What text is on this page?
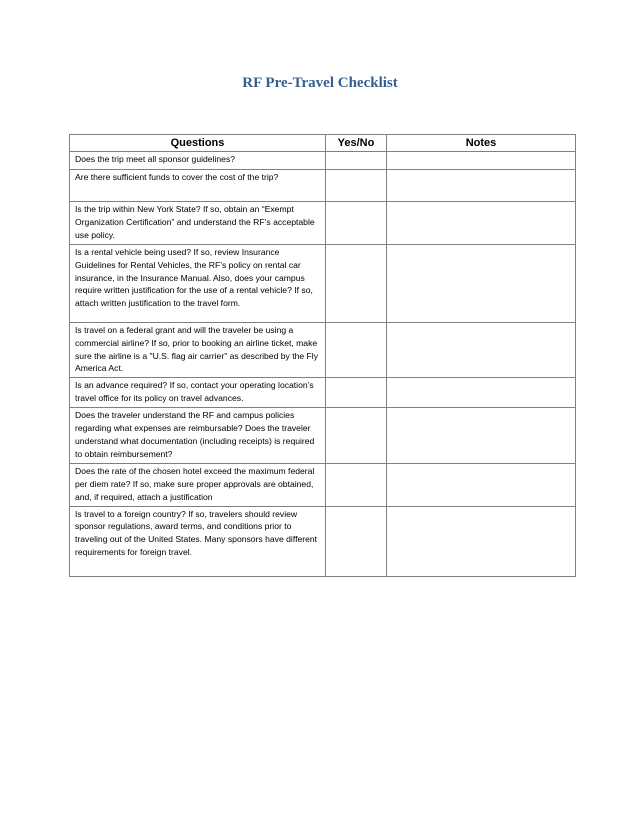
RF Pre-Travel Checklist
Questions	Yes/No	Notes
Does the trip meet all sponsor guidelines?	

Are there sufficient funds to cover the cost of the trip?	

Is the trip within New York State? If so, obtain an “Exempt Organization Certification” and understand the RF’s acceptable use policy.	

Is a rental vehicle being used? If so, review Insurance Guidelines for Rental Vehicles, the RF’s policy on rental car insurance, in the Insurance Manual. Also, does your campus require written justification for the use of a rental vehicle? If so, attach written justification to the travel form.	

Is travel on a federal grant and will the traveler be using a commercial airline? If so, prior to booking an airline ticket, make sure the airline is a "U.S. flag air carrier" as described by the Fly America Act.	

Is an advance required? If so, contact your operating location’s travel office for its policy on travel advances.	

Does the traveler understand the RF and campus policies regarding what expenses are reimbursable? Does the traveler understand what documentation (including receipts) is required to obtain reimbursement?	

Does the rate of the chosen hotel exceed the maximum federal per diem rate? If so, make sure proper approvals are obtained, and, if required, attach a justification	

Is travel to a foreign country? If so, travelers should review sponsor regulations, award terms, and conditions prior to traveling out of the United States. Many sponsors have different requirements for foreign travel.	
